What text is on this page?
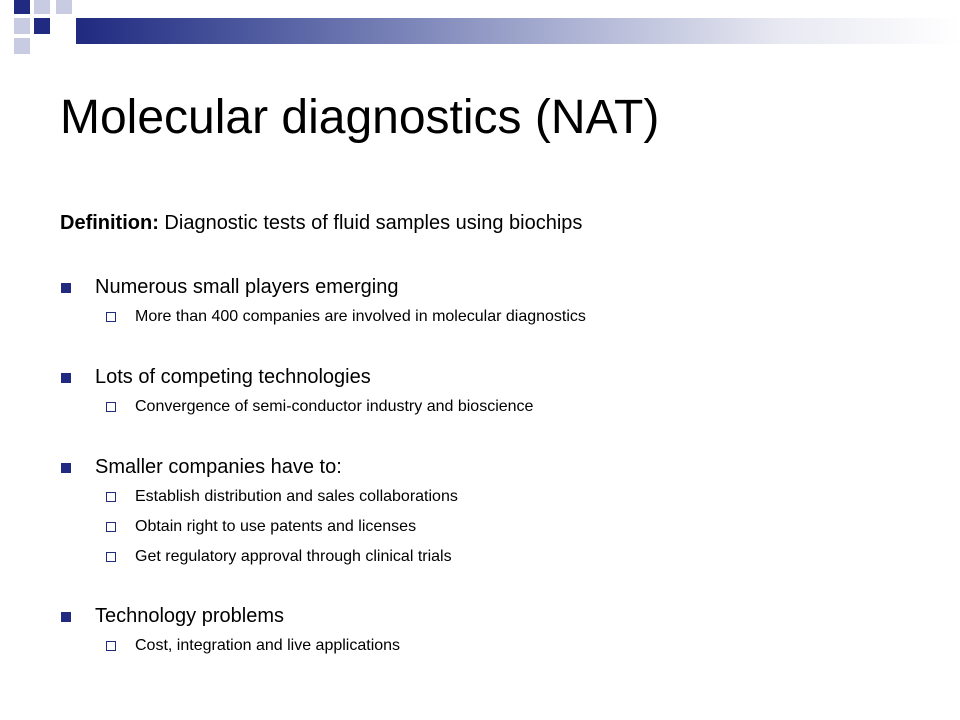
Molecular diagnostics (NAT)
Definition: Diagnostic tests of fluid samples using biochips
Numerous small players emerging
More than 400 companies are involved in molecular diagnostics
Lots of competing technologies
Convergence of semi-conductor industry and bioscience
Smaller companies have to:
Establish distribution and sales collaborations
Obtain right to use patents and licenses
Get regulatory approval through clinical trials
Technology problems
Cost, integration and live applications
